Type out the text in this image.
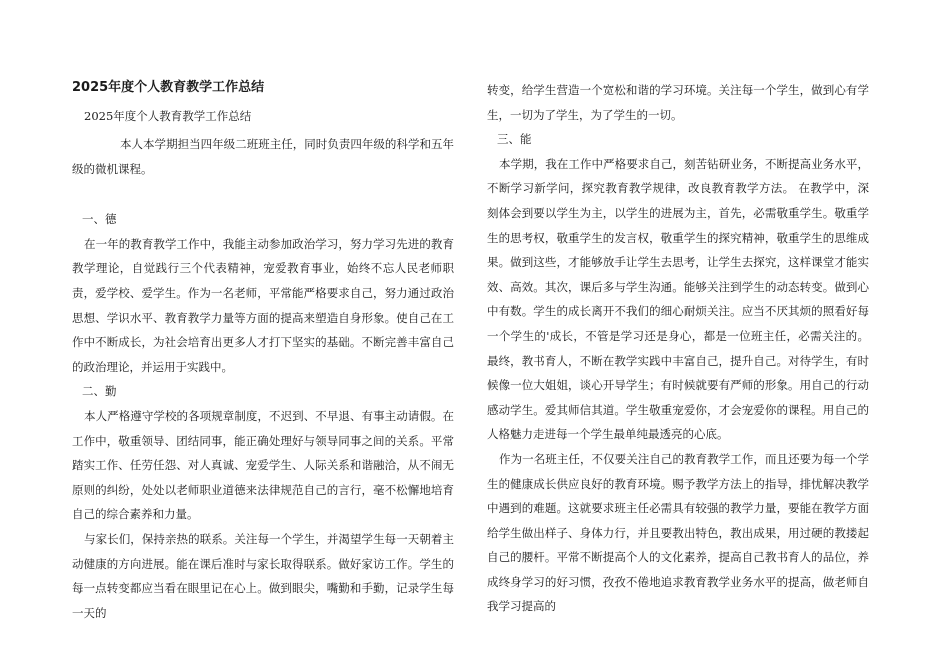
2025年度个人教育教学工作总结
2025年度个人教育教学工作总结

本人本学期担当四年级二班班主任，同时负责四年级的科学和五年级的微机课程。

一、德

在一年的教育教学工作中，我能主动参加政治学习，努力学习先进的教育教学理论，自觉践行三个代表精神，宠爱教育事业，始终不忘人民老师职责，爱学校、爱学生。作为一名老师，平常能严格要求自己，努力通过政治思想、学识水平、教育教学力量等方面的提高来塑造自身形象。使自己在工作中不断成长，为社会培育出更多人才打下坚实的基础。不断完善丰富自己的政治理论，并运用于实践中。

二、勤

本人严格遵守学校的各项规章制度，不迟到、不早退、有事主动请假。在工作中，敬重领导、团结同事，能正确处理好与领导同事之间的关系。平常踏实工作、任劳任怨、对人真诚、宠爱学生、人际关系和谐融洽，从不闹无原则的纠纷，处处以老师职业道德来法律规范自己的言行，毫不松懈地培育自己的综合素养和力量。

与家长们，保持亲热的联系。关注每一个学生，并渴望学生每一天朝着主动健康的方向进展。能在课后准时与家长取得联系。做好家访工作。学生的每一点转变都应当看在眼里记在心上。做到眼尖，嘴勤和手勤，记录学生每一天的

转变，给学生营造一个宽松和谐的学习环境。关注每一个学生，做到心有学生，一切为了学生，为了学生的一切。

三、能

本学期，我在工作中严格要求自己，刻苦钻研业务，不断提高业务水平，不断学习新学问，探究教育教学规律，改良教育教学方法。 在教学中，深刻体会到要以学生为主，以学生的进展为主，首先，必需敬重学生。敬重学生的思考权，敬重学生的发言权，敬重学生的探究精神，敬重学生的思维成果。做到这些，才能够放手让学生去思考，让学生去探究，这样课堂才能实效、高效。其次，课后多与学生沟通。能够关注到学生的动态转变。做到心中有数。学生的成长离开不我们的细心耐烦关注。应当不厌其烦的照看好每一个学生的'成长，不管是学习还是身心，都是一位班主任，必需关注的。最终，教书育人，不断在教学实践中丰富自己，提升自己。对待学生，有时候像一位大姐姐，谈心开导学生；有时候就要有严师的形象。用自己的行动感动学生。爱其师信其道。学生敬重宠爱你，才会宠爱你的课程。用自己的人格魅力走进每一个学生最单纯最透亮的心底。

作为一名班主任，不仅要关注自己的教育教学工作，而且还要为每一个学生的健康成长供应良好的教育环境。赐予教学方法上的指导，排忧解决教学中遇到的难题。这就要求班主任必需具有较强的教学力量，要能在教学方面给学生做出样子、身体力行，并且要教出特色，教出成果，用过硬的教搂起自己的腰杆。平常不断提高个人的文化素养，提高自己教书育人的品位，养成终身学习的好习惯，孜孜不倦地追求教育教学业务水平的提高，做老师自我学习提高的
